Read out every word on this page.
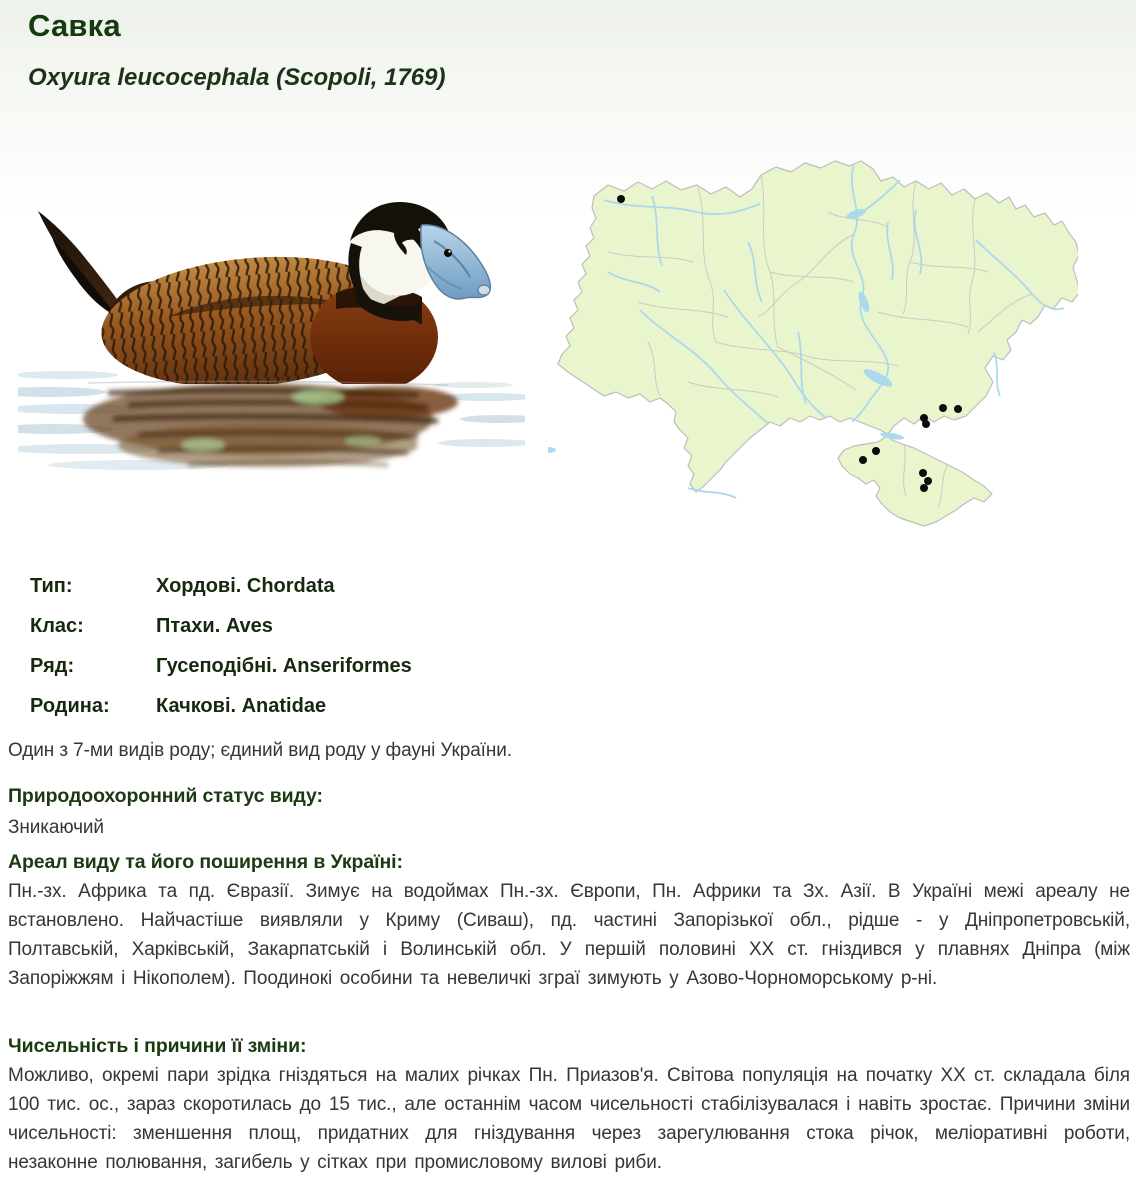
Савка
Oxyura leucocephala (Scopoli, 1769)
Тип:	Хордові. Chordata
Клас:	Птахи. Aves
Ряд:	Гусеподібні. Anseriformes
Родина:	Качкові. Anatidae
Один з 7-ми видів роду; єдиний вид роду у фауні України.
Природоохоронний статус виду:
Зникаючий
Ареал виду та його поширення в Україні:
Пн.-зх. Африка та пд. Євразії. Зимує на водоймах Пн.-зх. Європи, Пн. Африки та Зх. Азії. В Україні межі ареалу не встановлено. Найчастіше виявляли у Криму (Сиваш), пд. частині Запорізької обл., рідше - у Дніпропетровській, Полтавській, Харківській, Закарпатській і Волинській обл. У першій половині XX ст. гніздився у плавнях Дніпра (між Запоріжжям і Нікополем). Поодинокі особини та невеличкі зграї зимують у Азово-Чорноморському р-ні.
Чисельність і причини її зміни:
Можливо, окремі пари зрідка гніздяться на малих річках Пн. Приазов'я. Світова популяція на початку XX ст. складала біля 100 тис. ос., зараз скоротилась до 15 тис., але останнім часом чисельності стабілізувалася і навіть зростає. Причини зміни чисельності: зменшення площ, придатних для гніздування через зарегулювання стока річок, меліоративні роботи, незаконне полювання, загибель у сітках при промисловому вилові риби.
